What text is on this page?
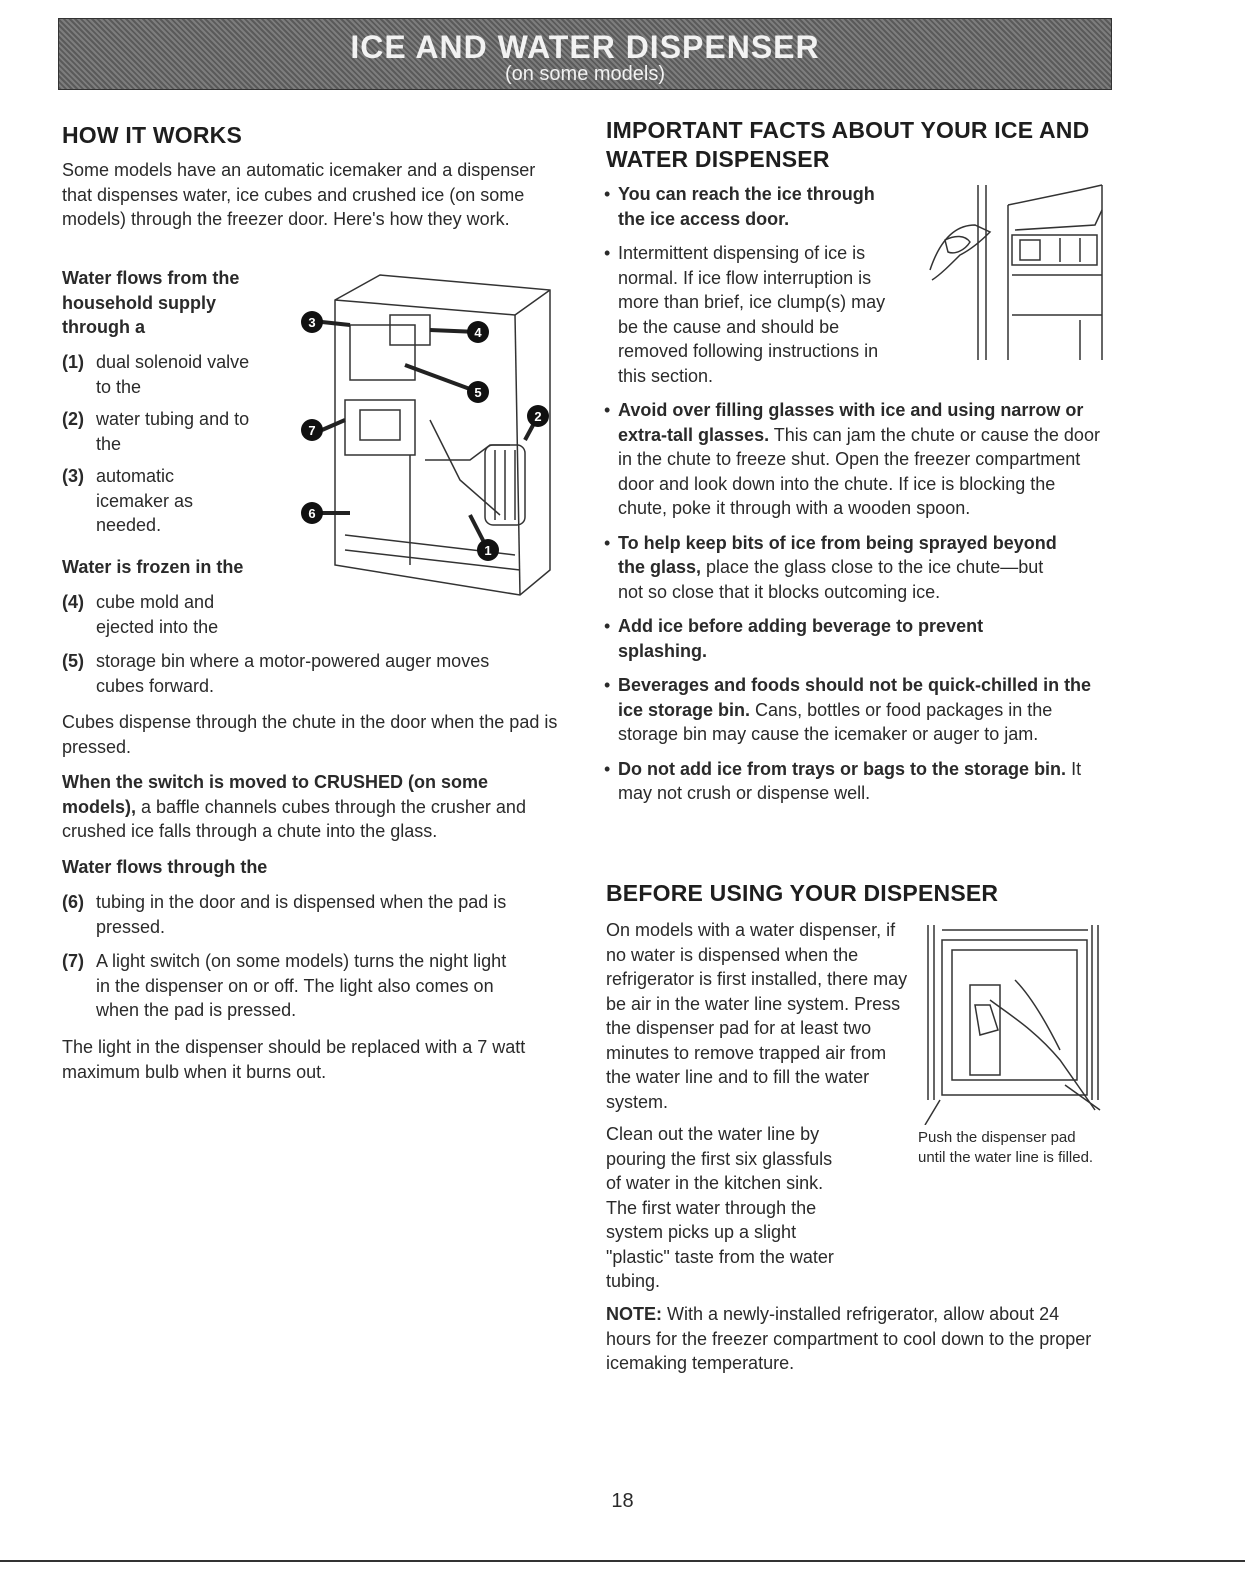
ICE AND WATER DISPENSER
(on some models)
HOW IT WORKS
Some models have an automatic icemaker and a dispenser that dispenses water, ice cubes and crushed ice (on some models) through the freezer door. Here's how they work.
Water flows from the household supply through a
(1) dual solenoid valve to the
(2) water tubing and to the
(3) automatic icemaker as needed.
Water is frozen in the
(4) cube mold and ejected into the
(5) storage bin where a motor-powered auger moves cubes forward.
Cubes dispense through the chute in the door when the pad is pressed.
When the switch is moved to CRUSHED (on some models), a baffle channels cubes through the crusher and crushed ice falls through a chute into the glass.
Water flows through the
(6) tubing in the door and is dispensed when the pad is pressed.
(7) A light switch (on some models) turns the night light in the dispenser on or off. The light also comes on when the pad is pressed.
The light in the dispenser should be replaced with a 7 watt maximum bulb when it burns out.
3
4
5
2
7
6
1
IMPORTANT FACTS ABOUT YOUR ICE AND WATER DISPENSER
• You can reach the ice through the ice access door.
• Intermittent dispensing of ice is normal. If ice flow interruption is more than brief, ice clump(s) may be the cause and should be removed following instructions in this section.
• Avoid over filling glasses with ice and using narrow or extra-tall glasses. This can jam the chute or cause the door in the chute to freeze shut. Open the freezer compartment door and look down into the chute. If ice is blocking the chute, poke it through with a wooden spoon.
• To help keep bits of ice from being sprayed beyond the glass, place the glass close to the ice chute—but not so close that it blocks outcoming ice.
• Add ice before adding beverage to prevent splashing.
• Beverages and foods should not be quick-chilled in the ice storage bin. Cans, bottles or food packages in the storage bin may cause the icemaker or auger to jam.
• Do not add ice from trays or bags to the storage bin. It may not crush or dispense well.
BEFORE USING YOUR DISPENSER
On models with a water dispenser, if no water is dispensed when the refrigerator is first installed, there may be air in the water line system. Press the dispenser pad for at least two minutes to remove trapped air from the water line and to fill the water system.
Push the dispenser pad until the water line is filled.
Clean out the water line by pouring the first six glassfuls of water in the kitchen sink. The first water through the system picks up a slight "plastic" taste from the water tubing.
NOTE: With a newly-installed refrigerator, allow about 24 hours for the freezer compartment to cool down to the proper icemaking temperature.
18
